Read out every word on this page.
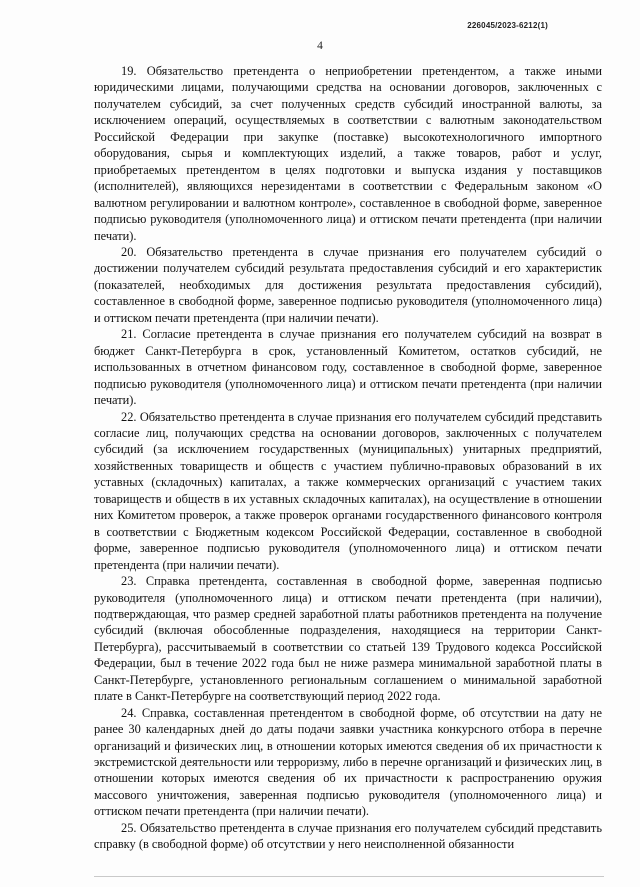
226045/2023-6212(1)
4

19. Обязательство претендента о неприобретении претендентом, а также иными юридическими лицами, получающими средства на основании договоров, заключенных с получателем субсидий, за счет полученных средств субсидий иностранной валюты, за исключением операций, осуществляемых в соответствии с валютным законодательством Российской Федерации при закупке (поставке) высокотехнологичного импортного оборудования, сырья и комплектующих изделий, а также товаров, работ и услуг, приобретаемых претендентом в целях подготовки и выпуска издания у поставщиков (исполнителей), являющихся нерезидентами в соответствии с Федеральным законом «О валютном регулировании и валютном контроле», составленное в свободной форме, заверенное подписью руководителя (уполномоченного лица) и оттиском печати претендента (при наличии печати).

20. Обязательство претендента в случае признания его получателем субсидий о достижении получателем субсидий результата предоставления субсидий и его характеристик (показателей, необходимых для достижения результата предоставления субсидий), составленное в свободной форме, заверенное подписью руководителя (уполномоченного лица) и оттиском печати претендента (при наличии печати).

21. Согласие претендента в случае признания его получателем субсидий на возврат в бюджет Санкт-Петербурга в срок, установленный Комитетом, остатков субсидий, не использованных в отчетном финансовом году, составленное в свободной форме, заверенное подписью руководителя (уполномоченного лица) и оттиском печати претендента (при наличии печати).

22. Обязательство претендента в случае признания его получателем субсидий представить согласие лиц, получающих средства на основании договоров, заключенных с получателем субсидий (за исключением государственных (муниципальных) унитарных предприятий, хозяйственных товариществ и обществ с участием публично-правовых образований в их уставных (складочных) капиталах, а также коммерческих организаций с участием таких товариществ и обществ в их уставных складочных капиталах), на осуществление в отношении них Комитетом проверок, а также проверок органами государственного финансового контроля в соответствии с Бюджетным кодексом Российской Федерации, составленное в свободной форме, заверенное подписью руководителя (уполномоченного лица) и оттиском печати претендента (при наличии печати).

23. Справка претендента, составленная в свободной форме, заверенная подписью руководителя (уполномоченного лица) и оттиском печати претендента (при наличии), подтверждающая, что размер средней заработной платы работников претендента на получение субсидий (включая обособленные подразделения, находящиеся на территории Санкт-Петербурга), рассчитываемый в соответствии со статьей 139 Трудового кодекса Российской Федерации, был в течение 2022 года был не ниже размера минимальной заработной платы в Санкт-Петербурге, установленного региональным соглашением о минимальной заработной плате в Санкт-Петербурге на соответствующий период 2022 года.

24. Справка, составленная претендентом в свободной форме, об отсутствии на дату не ранее 30 календарных дней до даты подачи заявки участника конкурсного отбора в перечне организаций и физических лиц, в отношении которых имеются сведения об их причастности к экстремистской деятельности или терроризму, либо в перечне организаций и физических лиц, в отношении которых имеются сведения об их причастности к распространению оружия массового уничтожения, заверенная подписью руководителя (уполномоченного лица) и оттиском печати претендента (при наличии печати).

25. Обязательство претендента в случае признания его получателем субсидий представить справку (в свободной форме) об отсутствии у него неисполненной обязанности
